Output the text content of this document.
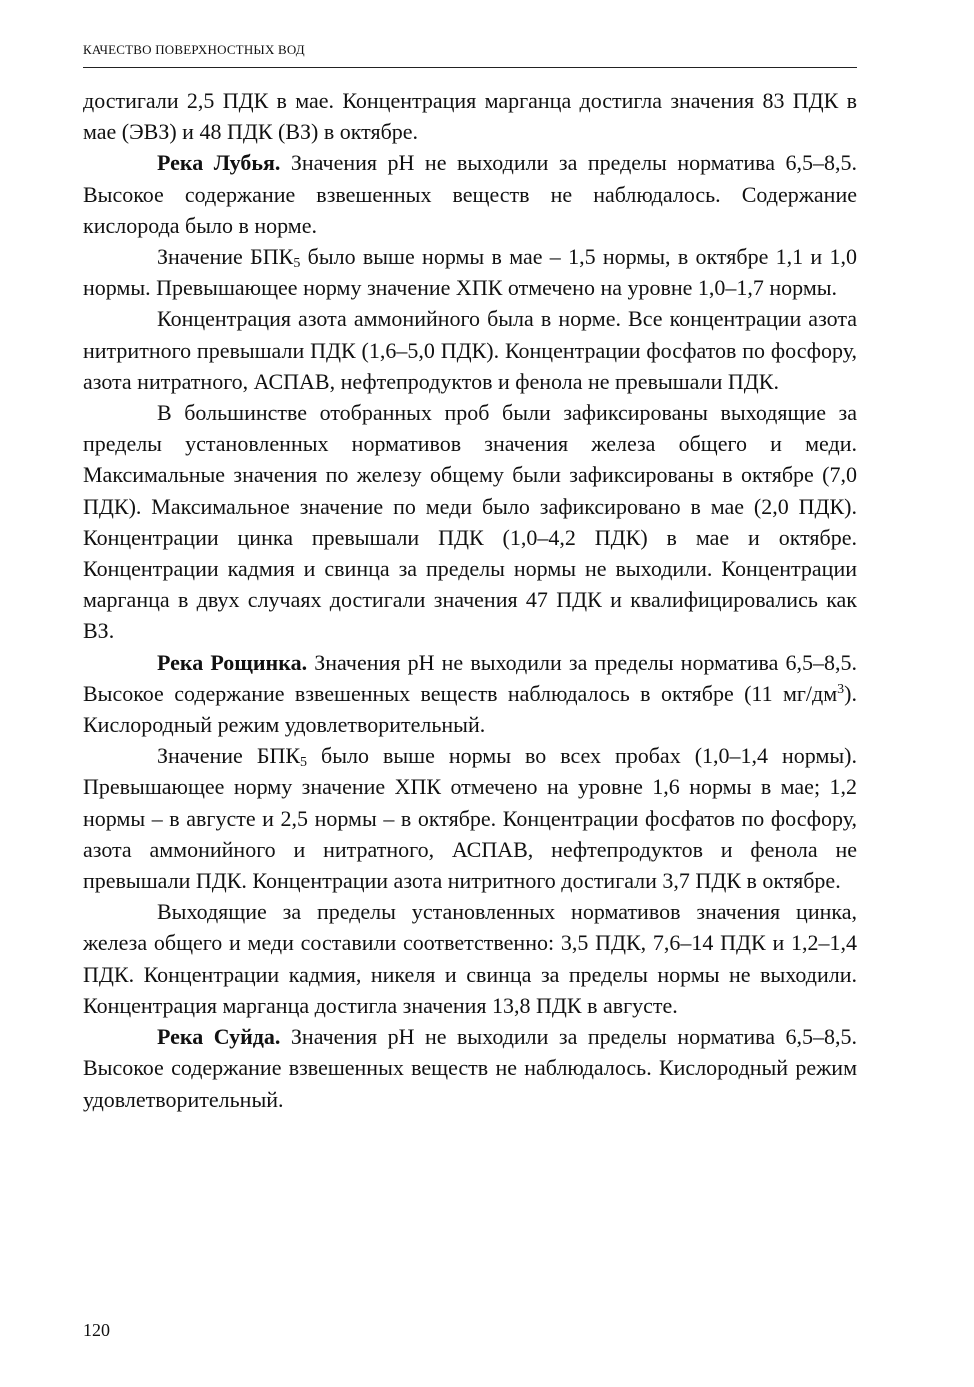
КАЧЕСТВО ПОВЕРХНОСТНЫХ ВОД

достигали 2,5 ПДК в мае. Концентрация марганца достигла значения 83 ПДК в мае (ЭВЗ) и 48 ПДК (ВЗ) в октябре.

Река Лубья. Значения рН не выходили за пределы норматива 6,5–8,5. Высокое содержание взвешенных веществ не наблюдалось. Содержание кислорода было в норме.

Значение $БПК_5$ было выше нормы в мае – 1,5 нормы, в октябре 1,1 и 1,0 нормы. Превышающее норму значение ХПК отмечено на уровне 1,0–1,7 нормы.

Концентрация азота аммонийного была в норме. Все концентрации азота нитритного превышали ПДК (1,6–5,0 ПДК). Концентрации фосфатов по фосфору, азота нитратного, АСПАВ, нефтепродуктов и фенола не превышали ПДК.

В большинстве отобранных проб были зафиксированы выходящие за пределы установленных нормативов значения железа общего и меди. Максимальные значения по железу общему были зафиксированы в октябре (7,0 ПДК). Максимальное значение по меди было зафиксировано в мае (2,0 ПДК). Концентрации цинка превышали ПДК (1,0–4,2 ПДК) в мае и октябре. Концентрации кадмия и свинца за пределы нормы не выходили. Концентрации марганца в двух случаях достигали значения 47 ПДК и квалифицировались как ВЗ.

Река Рощинка. Значения рН не выходили за пределы норматива 6,5–8,5. Высокое содержание взвешенных веществ наблюдалось в октябре (11 $мг/дм^3$). Кислородный режим удовлетворительный.

Значение $БПК_5$ было выше нормы во всех пробах (1,0–1,4 нормы). Превышающее норму значение ХПК отмечено на уровне 1,6 нормы в мае; 1,2 нормы – в августе и 2,5 нормы – в октябре. Концентрации фосфатов по фосфору, азота аммонийного и нитратного, АСПАВ, нефтепродуктов и фенола не превышали ПДК. Концентрации азота нитритного достигали 3,7 ПДК в октябре.

Выходящие за пределы установленных нормативов значения цинка, железа общего и меди составили соответственно: 3,5 ПДК, 7,6–14 ПДК и 1,2–1,4 ПДК. Концентрации кадмия, никеля и свинца за пределы нормы не выходили. Концентрация марганца достигла значения 13,8 ПДК в августе.

Река Суйда. Значения рН не выходили за пределы норматива 6,5–8,5. Высокое содержание взвешенных веществ не наблюдалось. Кислородный режим удовлетворительный.

120
